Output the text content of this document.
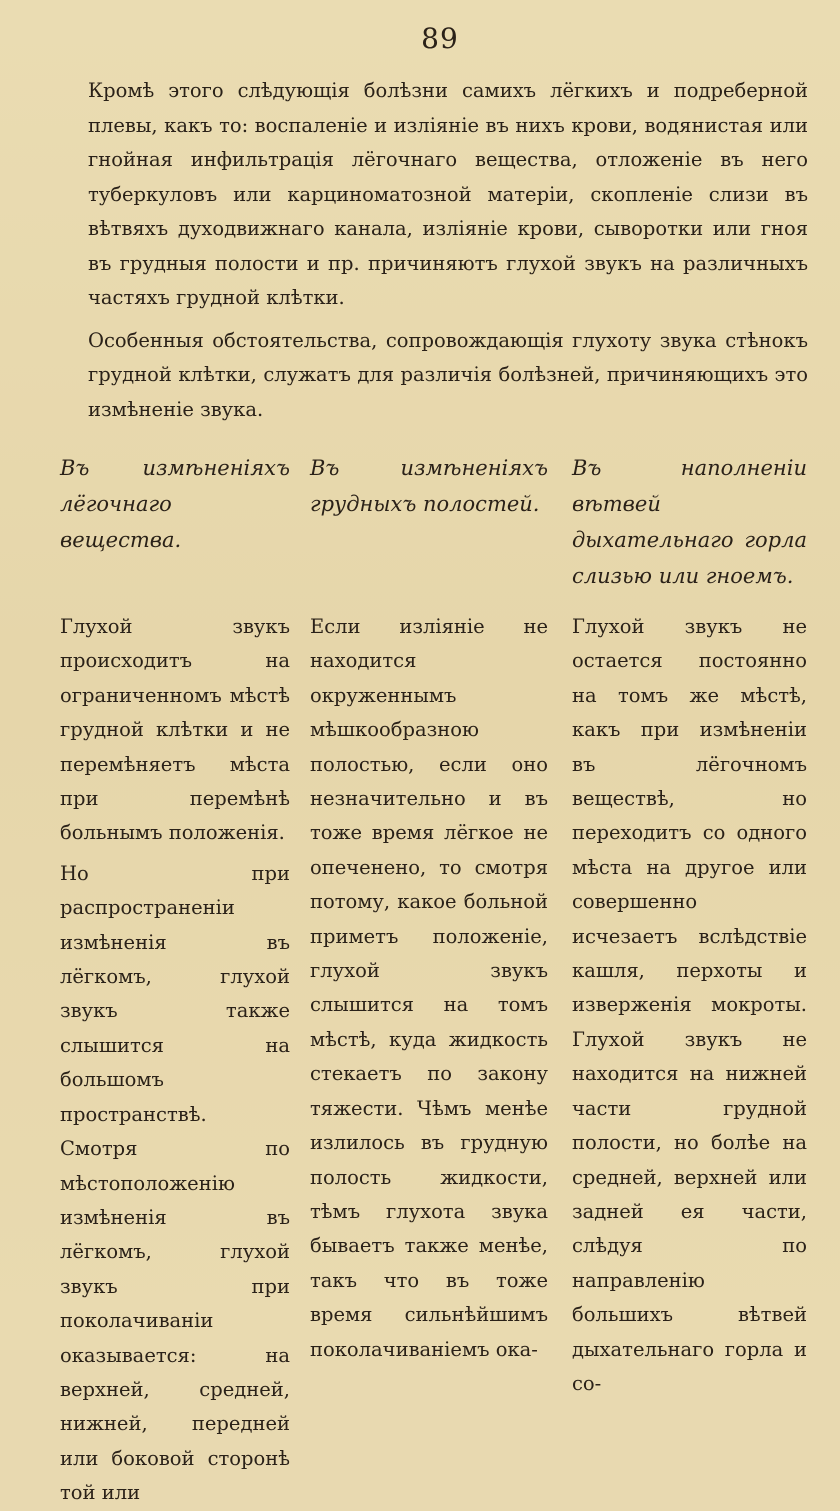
89

Кромѣ этого слѣдующія болѣзни самихъ лёгкихъ и подреберной плевы, какъ то: воспаленіе и изліяніе въ нихъ крови, водянистая или гнойная инфильтрація лёгочнаго вещества, отложеніе въ него туберкуловъ или карциноматозной матеріи, скопленіе слизи въ вѣтвяхъ духодвижнаго канала, изліяніе крови, сыворотки или гноя въ грудныя полости и пр. причиняютъ глухой звукъ на различныхъ частяхъ грудной клѣтки.

Особенныя обстоятельства, сопровождающія глухоту звука стѣнокъ грудной клѣтки, служатъ для различія болѣзней, причиняющихъ это измѣненіе звука.

Въ измѣненіяхъ лёгочнаго вещества.

Глухой звукъ происходитъ на ограниченномъ мѣстѣ грудной клѣтки и не перемѣняетъ мѣста при перемѣнѣ больнымъ положенія.

Но при распространеніи измѣненія въ лёгкомъ, глухой звукъ также слышится на большомъ пространствѣ. Смотря по мѣстоположенію измѣненія въ лёгкомъ, глухой звукъ при поколачиваніи оказывается: на верхней, средней, нижней, передней или боковой сторонѣ той или

Въ измѣненіяхъ грудныхъ полостей.

Если изліяніе не находится окруженнымъ мѣшкообразною полостью, если оно незначительно и въ тоже время лёгкое не опеченено, то смотря потому, какое больной приметъ положеніе, глухой звукъ слышится на томъ мѣстѣ, куда жидкость стекаетъ по закону тяжести. Чѣмъ менѣе излилось въ грудную полость жидкости, тѣмъ глухота звука бываетъ также менѣе, такъ что въ тоже время сильнѣйшимъ поколачиваніемъ ока-

Въ наполненіи вѣтвей дыхательнаго горла слизью или гноемъ.

Глухой звукъ не остается постоянно на томъ же мѣстѣ, какъ при измѣненіи въ лёгочномъ веществѣ, но переходитъ со одного мѣста на другое или совершенно исчезаетъ вслѣдствіе кашля, перхоты и изверженія мокроты. Глухой звукъ не находится на нижней части грудной полости, но болѣе на средней, верхней или задней ея части, слѣдуя по направленію большихъ вѣтвей дыхательнаго горла и со-
